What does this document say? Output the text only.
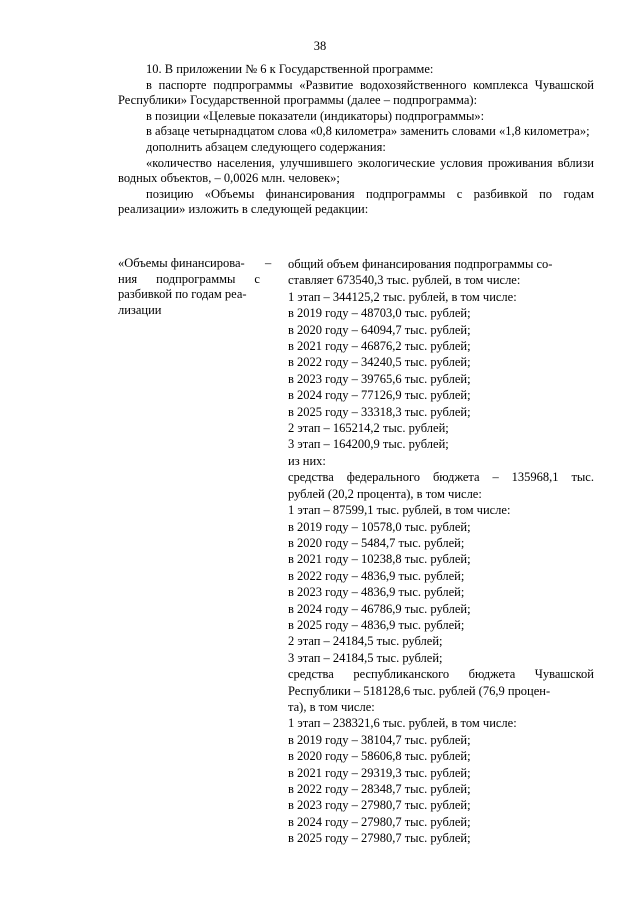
38

10. В приложении № 6 к Государственной программе:

в паспорте подпрограммы «Развитие водохозяйственного комплекса Чувашской Республики» Государственной программы (далее – подпрограмма):

в позиции «Целевые показатели (индикаторы) подпрограммы»:

в абзаце четырнадцатом слова «0,8 километра» заменить словами «1,8 километра»;

дополнить абзацем следующего содержания:

«количество населения, улучшившего экологические условия проживания вблизи водных объектов, – 0,0026 млн. человек»;

позицию «Объемы финансирования подпрограммы с разбивкой по годам реализации» изложить в следующей редакции:

«Объемы финансирова-
ния подпрограммы с
разбивкой по годам реа-
лизации
– общий объем финансирования подпрограммы со-
ставляет 673540,3 тыс. рублей, в том числе:
1 этап – 344125,2 тыс. рублей, в том числе:
в 2019 году – 48703,0 тыс. рублей;
в 2020 году – 64094,7 тыс. рублей;
в 2021 году – 46876,2 тыс. рублей;
в 2022 году – 34240,5 тыс. рублей;
в 2023 году – 39765,6 тыс. рублей;
в 2024 году – 77126,9 тыс. рублей;
в 2025 году – 33318,3 тыс. рублей;
2 этап – 165214,2 тыс. рублей;
3 этап – 164200,9 тыс. рублей;
из них:
средства федерального бюджета – 135968,1 тыс.
рублей (20,2 процента), в том числе:
1 этап – 87599,1 тыс. рублей, в том числе:
в 2019 году – 10578,0 тыс. рублей;
в 2020 году – 5484,7 тыс. рублей;
в 2021 году – 10238,8 тыс. рублей;
в 2022 году – 4836,9 тыс. рублей;
в 2023 году – 4836,9 тыс. рублей;
в 2024 году – 46786,9 тыс. рублей;
в 2025 году – 4836,9 тыс. рублей;
2 этап – 24184,5 тыс. рублей;
3 этап – 24184,5 тыс. рублей;
средства республиканского бюджета Чувашской
Республики – 518128,6 тыс. рублей (76,9 процен-
та), в том числе:
1 этап – 238321,6 тыс. рублей, в том числе:
в 2019 году – 38104,7 тыс. рублей;
в 2020 году – 58606,8 тыс. рублей;
в 2021 году – 29319,3 тыс. рублей;
в 2022 году – 28348,7 тыс. рублей;
в 2023 году – 27980,7 тыс. рублей;
в 2024 году – 27980,7 тыс. рублей;
в 2025 году – 27980,7 тыс. рублей;
